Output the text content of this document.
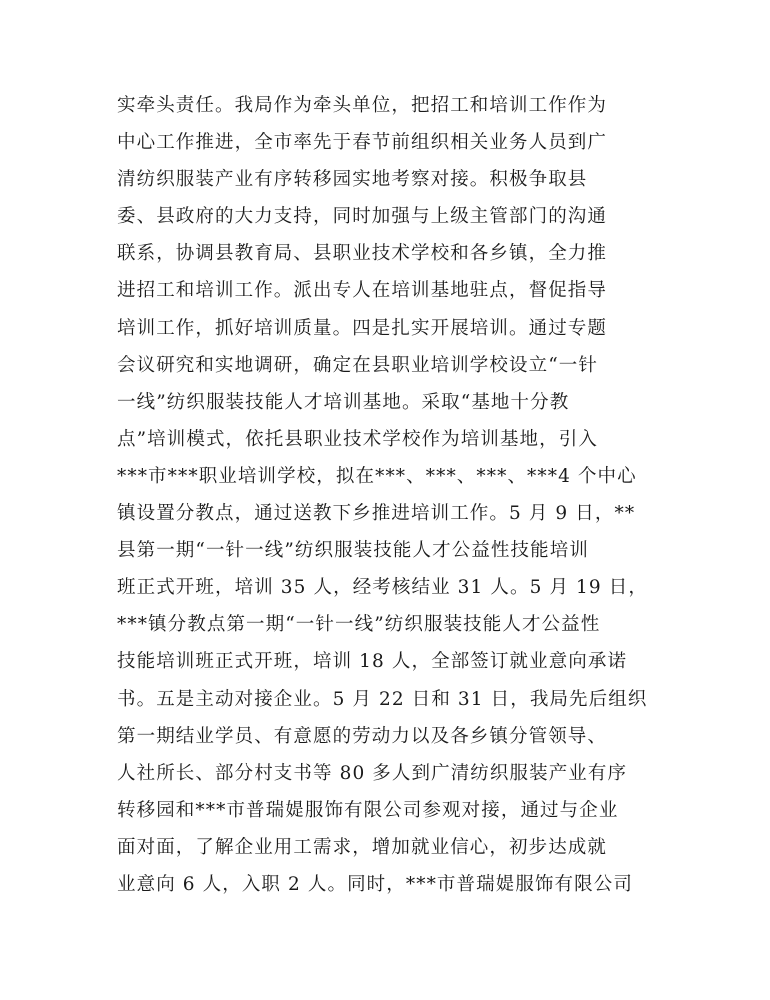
实牵头责任。我局作为牵头单位，把招工和培训工作作为
中心工作推进，全市率先于春节前组织相关业务人员到广
清纺织服装产业有序转移园实地考察对接。积极争取县
委、县政府的大力支持，同时加强与上级主管部门的沟通
联系，协调县教育局、县职业技术学校和各乡镇，全力推
进招工和培训工作。派出专人在培训基地驻点，督促指导
培训工作，抓好培训质量。四是扎实开展培训。通过专题
会议研究和实地调研，确定在县职业培训学校设立“一针
一线”纺织服装技能人才培训基地。采取“基地十分教
点”培训模式，依托县职业技术学校作为培训基地，引入
***市***职业培训学校，拟在***、***、***、***4 个中心
镇设置分教点，通过送教下乡推进培训工作。5 月 9 日，**
县第一期“一针一线”纺织服装技能人才公益性技能培训
班正式开班，培训 35 人，经考核结业 31 人。5 月 19 日，
***镇分教点第一期“一针一线”纺织服装技能人才公益性
技能培训班正式开班，培训 18 人，全部签订就业意向承诺
书。五是主动对接企业。5 月 22 日和 31 日，我局先后组织
第一期结业学员、有意愿的劳动力以及各乡镇分管领导、
人社所长、部分村支书等 80 多人到广清纺织服装产业有序
转移园和***市普瑞媞服饰有限公司参观对接，通过与企业
面对面，了解企业用工需求，增加就业信心，初步达成就
业意向 6 人，入职 2 人。同时，***市普瑞媞服饰有限公司
